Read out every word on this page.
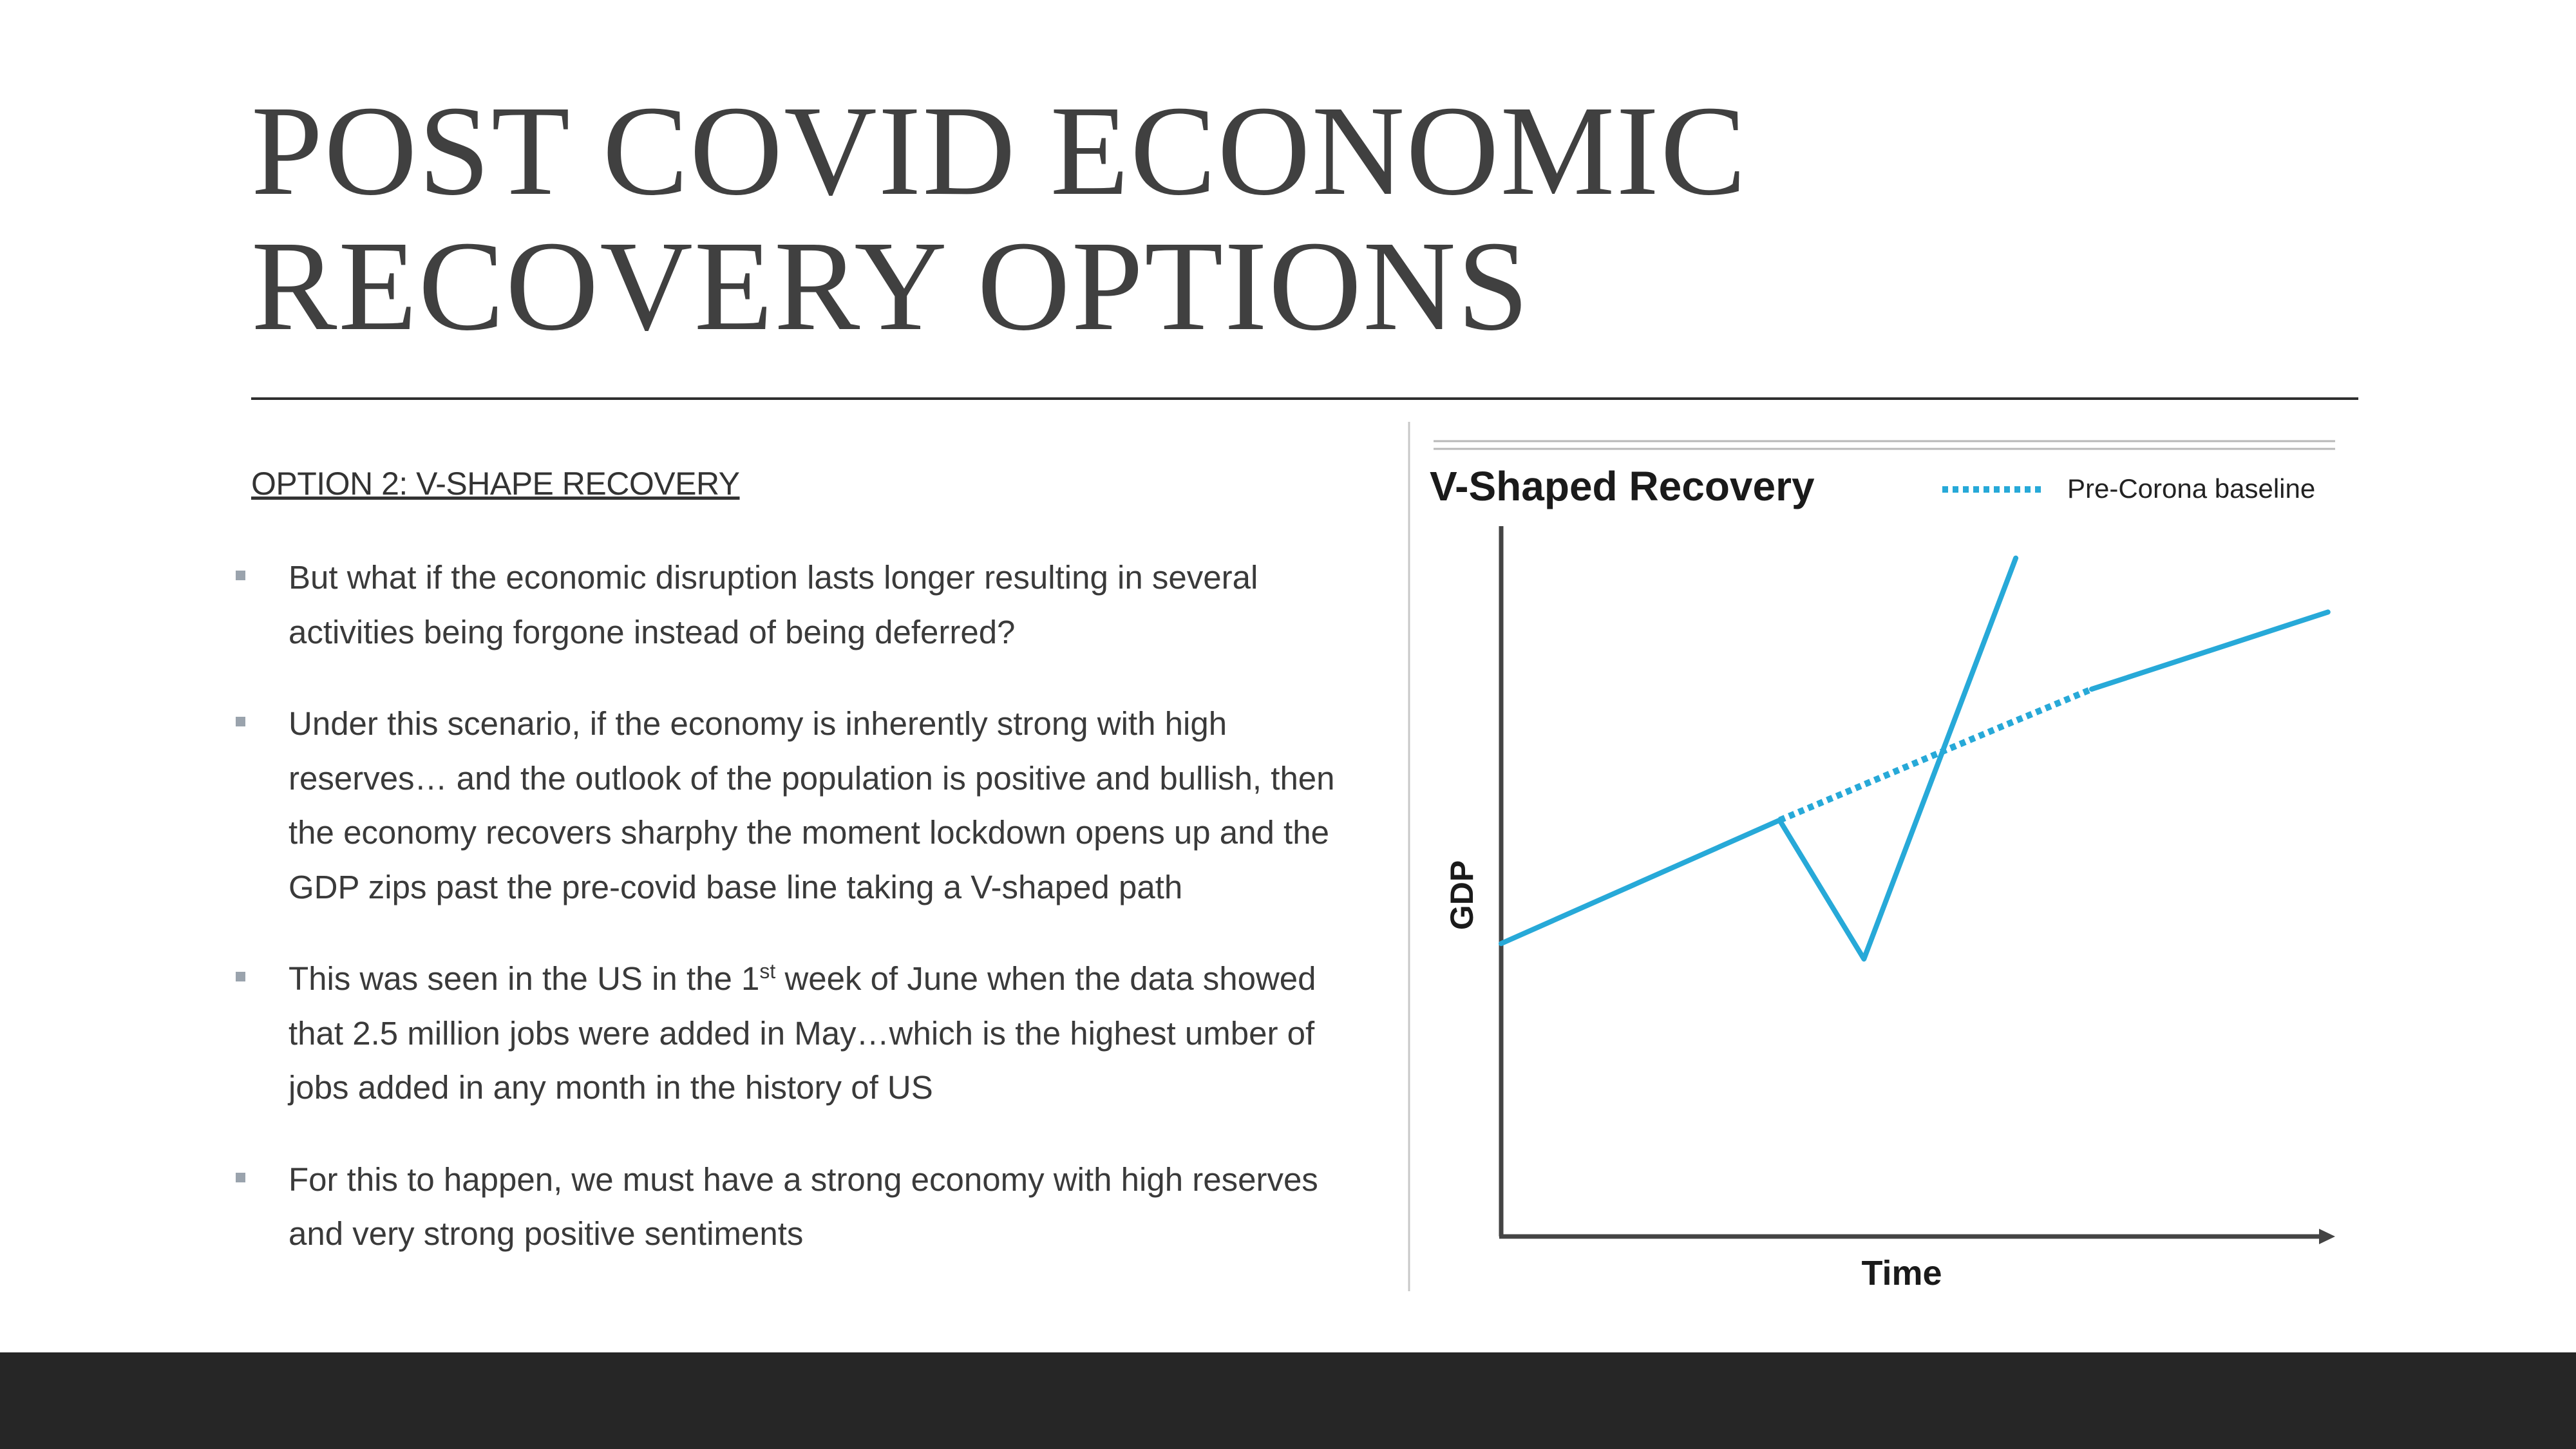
POST COVID ECONOMIC
RECOVERY OPTIONS
OPTION 2: V-SHAPE RECOVERY
But what if the economic disruption lasts longer resulting in several activities being forgone instead of being deferred?
Under this scenario, if the economy is inherently strong with high reserves… and the outlook of the population is positive and bullish, then the economy recovers sharphy the moment lockdown opens up and the GDP zips past the pre-covid base line taking a V-shaped path
This was seen in the US in the 1st week of June when the data showed that 2.5 million jobs were added in May…which is the highest umber of jobs added in any month in the history of US
For this to happen, we must have a strong economy with high reserves and very strong positive sentiments
V-Shaped Recovery	Pre-Corona baseline
GDP
Time
